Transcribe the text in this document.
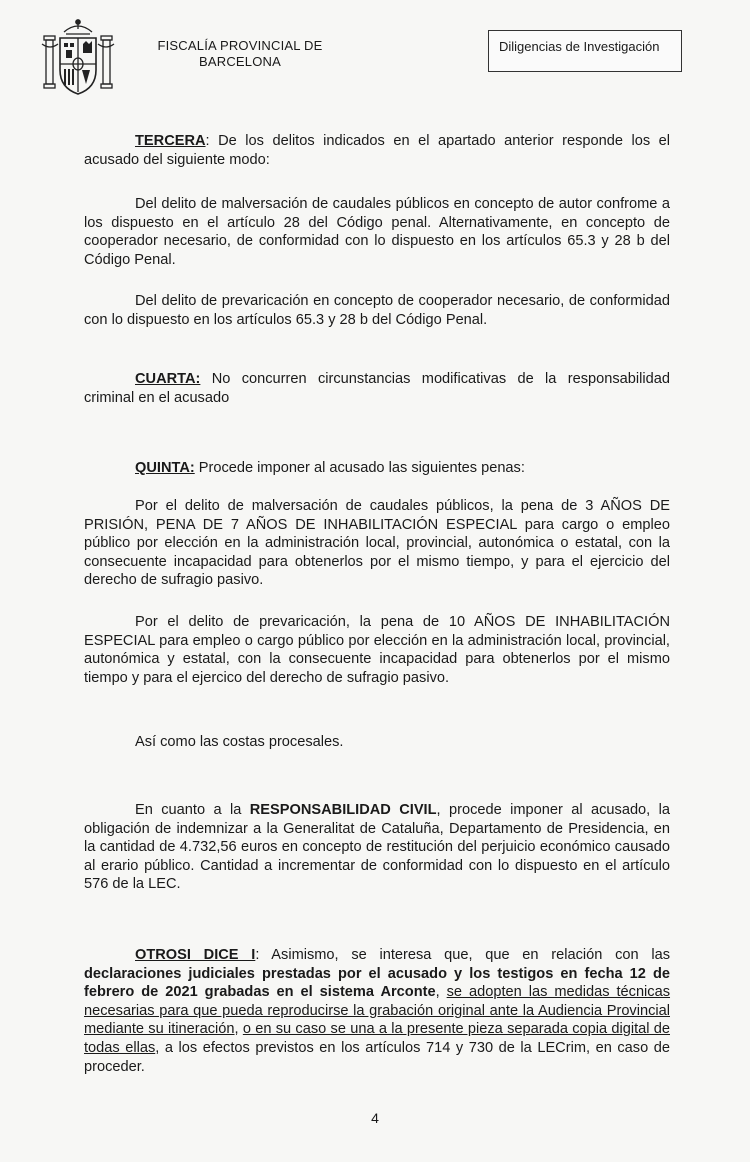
FISCALÍA PROVINCIAL DE
BARCELONA
Diligencias de Investigación
TERCERA: De los delitos indicados en el apartado anterior responde los el acusado del siguiente modo:
Del delito de malversación de caudales públicos en concepto de autor confrome a los dispuesto en el artículo 28 del Código penal. Alternativamente, en concepto de cooperador necesario, de conformidad con lo dispuesto en los artículos 65.3 y 28 b del Código Penal.
Del delito de prevaricación en concepto de cooperador necesario, de conformidad con lo dispuesto en los artículos 65.3 y 28 b del Código Penal.
CUARTA: No concurren circunstancias modificativas de la responsabilidad criminal en el acusado
QUINTA: Procede imponer al acusado las siguientes penas:
Por el delito de malversación de caudales públicos, la pena de 3 AÑOS DE PRISIÓN, PENA DE 7 AÑOS DE INHABILITACIÓN ESPECIAL para cargo o empleo público por elección en la administración local, provincial, autonómica o estatal, con la consecuente incapacidad para obtenerlos por el mismo tiempo, y para el ejercicio del derecho de sufragio pasivo.
Por el delito de prevaricación, la pena de 10 AÑOS DE INHABILITACIÓN ESPECIAL para empleo o cargo público por elección en la administración local, provincial, autonómica y estatal, con la consecuente incapacidad para obtenerlos por el mismo tiempo y para el ejercico del derecho de sufragio pasivo.
Así como las costas procesales.
En cuanto a la RESPONSABILIDAD CIVIL, procede imponer al acusado, la obligación de indemnizar a la Generalitat de Cataluña, Departamento de Presidencia, en la cantidad de 4.732,56 euros en concepto de restitución del perjuicio económico causado al erario público. Cantidad a incrementar de conformidad con lo dispuesto en el artículo 576 de la LEC.
OTROSI DICE I: Asimismo, se interesa que, que en relación con las declaraciones judiciales prestadas por el acusado y los testigos en fecha 12 de febrero de 2021 grabadas en el sistema Arconte, se adopten las medidas técnicas necesarias para que pueda reproducirse la grabación original ante la Audiencia Provincial mediante su itineración, o en su caso se una a la presente pieza separada copia digital de todas ellas, a los efectos previstos en los artículos 714 y 730 de la LECrim, en caso de proceder.
4
